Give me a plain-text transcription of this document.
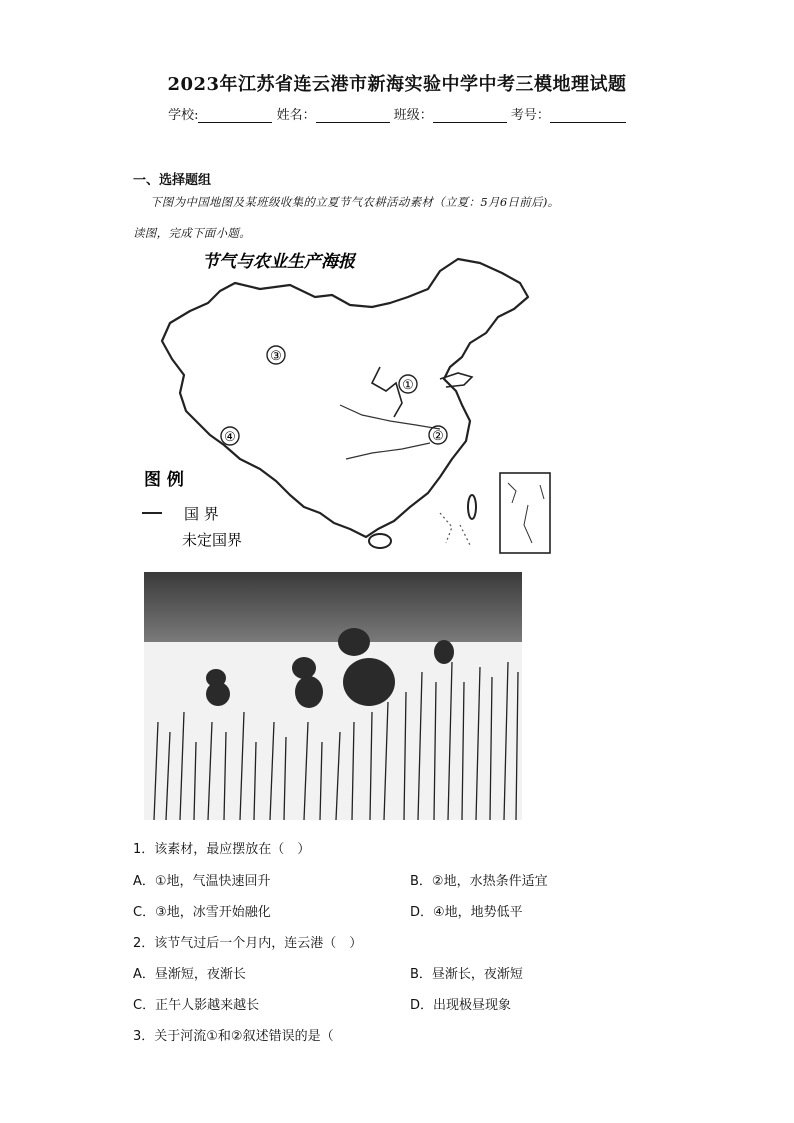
2023年江苏省连云港市新海实验中学中考三模地理试题
学校:	姓名：	班级：	考号：
一、选择题组
下图为中国地图及某班级收集的立夏节气农耕活动素材（立夏：5月6日前后)。
读图，完成下面小题。
节气与农业生产海报
③
①
④	②
图 例
国 界
未定国界
1．该素材，最应摆放在（　）
A．①地，气温快速回升	B．②地，水热条件适宜
C．③地，冰雪开始融化	D．④地，地势低平
2．该节气过后一个月内，连云港（　）
A．昼渐短，夜渐长	B．昼渐长，夜渐短
C．正午人影越来越长	D．出现极昼现象
3．关于河流①和②叙述错误的是（
